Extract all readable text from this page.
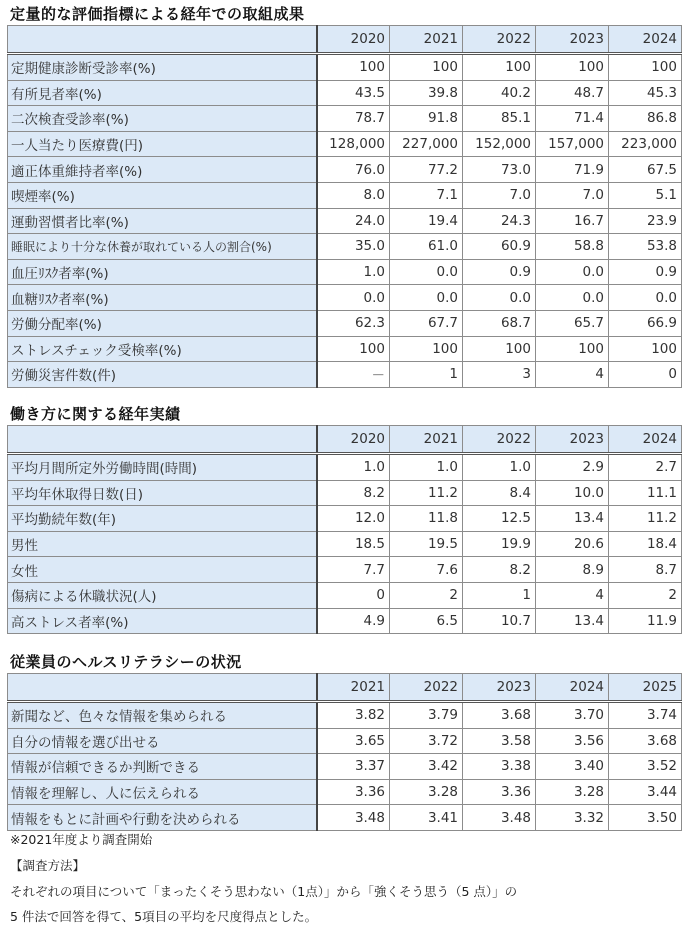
定量的な評価指標による経年での取組成果
	2020	2021	2022	2023	2024
定期健康診断受診率(%)	100	100	100	100	100
有所見者率(%)	43.5	39.8	40.2	48.7	45.3
二次検査受診率(%)	78.7	91.8	85.1	71.4	86.8
一人当たり医療費(円)	128,000	227,000	152,000	157,000	223,000
適正体重維持者率(%)	76.0	77.2	73.0	71.9	67.5
喫煙率(%)	8.0	7.1	7.0	7.0	5.1
運動習慣者比率(%)	24.0	19.4	24.3	16.7	23.9
睡眠により十分な休養が取れている人の割合(%)	35.0	61.0	60.9	58.8	53.8
血圧ﾘｽｸ者率(%)	1.0	0.0	0.9	0.0	0.9
血糖ﾘｽｸ者率(%)	0.0	0.0	0.0	0.0	0.0
労働分配率(%)	62.3	67.7	68.7	65.7	66.9
ストレスチェック受検率(%)	100	100	100	100	100
労働災害件数(件)	－	1	3	4	0
働き方に関する経年実績
	2020	2021	2022	2023	2024
平均月間所定外労働時間(時間)	1.0	1.0	1.0	2.9	2.7
平均年休取得日数(日)	8.2	11.2	8.4	10.0	11.1
平均勤続年数(年)	12.0	11.8	12.5	13.4	11.2
男性	18.5	19.5	19.9	20.6	18.4
女性	7.7	7.6	8.2	8.9	8.7
傷病による休職状況(人)	0	2	1	4	2
高ストレス者率(%)	4.9	6.5	10.7	13.4	11.9
従業員のヘルスリテラシーの状況
	2021	2022	2023	2024	2025
新聞など、色々な情報を集められる	3.82	3.79	3.68	3.70	3.74
自分の情報を選び出せる	3.65	3.72	3.58	3.56	3.68
情報が信頼できるか判断できる	3.37	3.42	3.38	3.40	3.52
情報を理解し、人に伝えられる	3.36	3.28	3.36	3.28	3.44
情報をもとに計画や行動を決められる	3.48	3.41	3.48	3.32	3.50
※2021年度より調査開始
【調査方法】
それぞれの項目について「まったくそう思わない（1点）」から「強くそう思う（5 点）」の
5 件法で回答を得て、5項目の平均を尺度得点とした。
